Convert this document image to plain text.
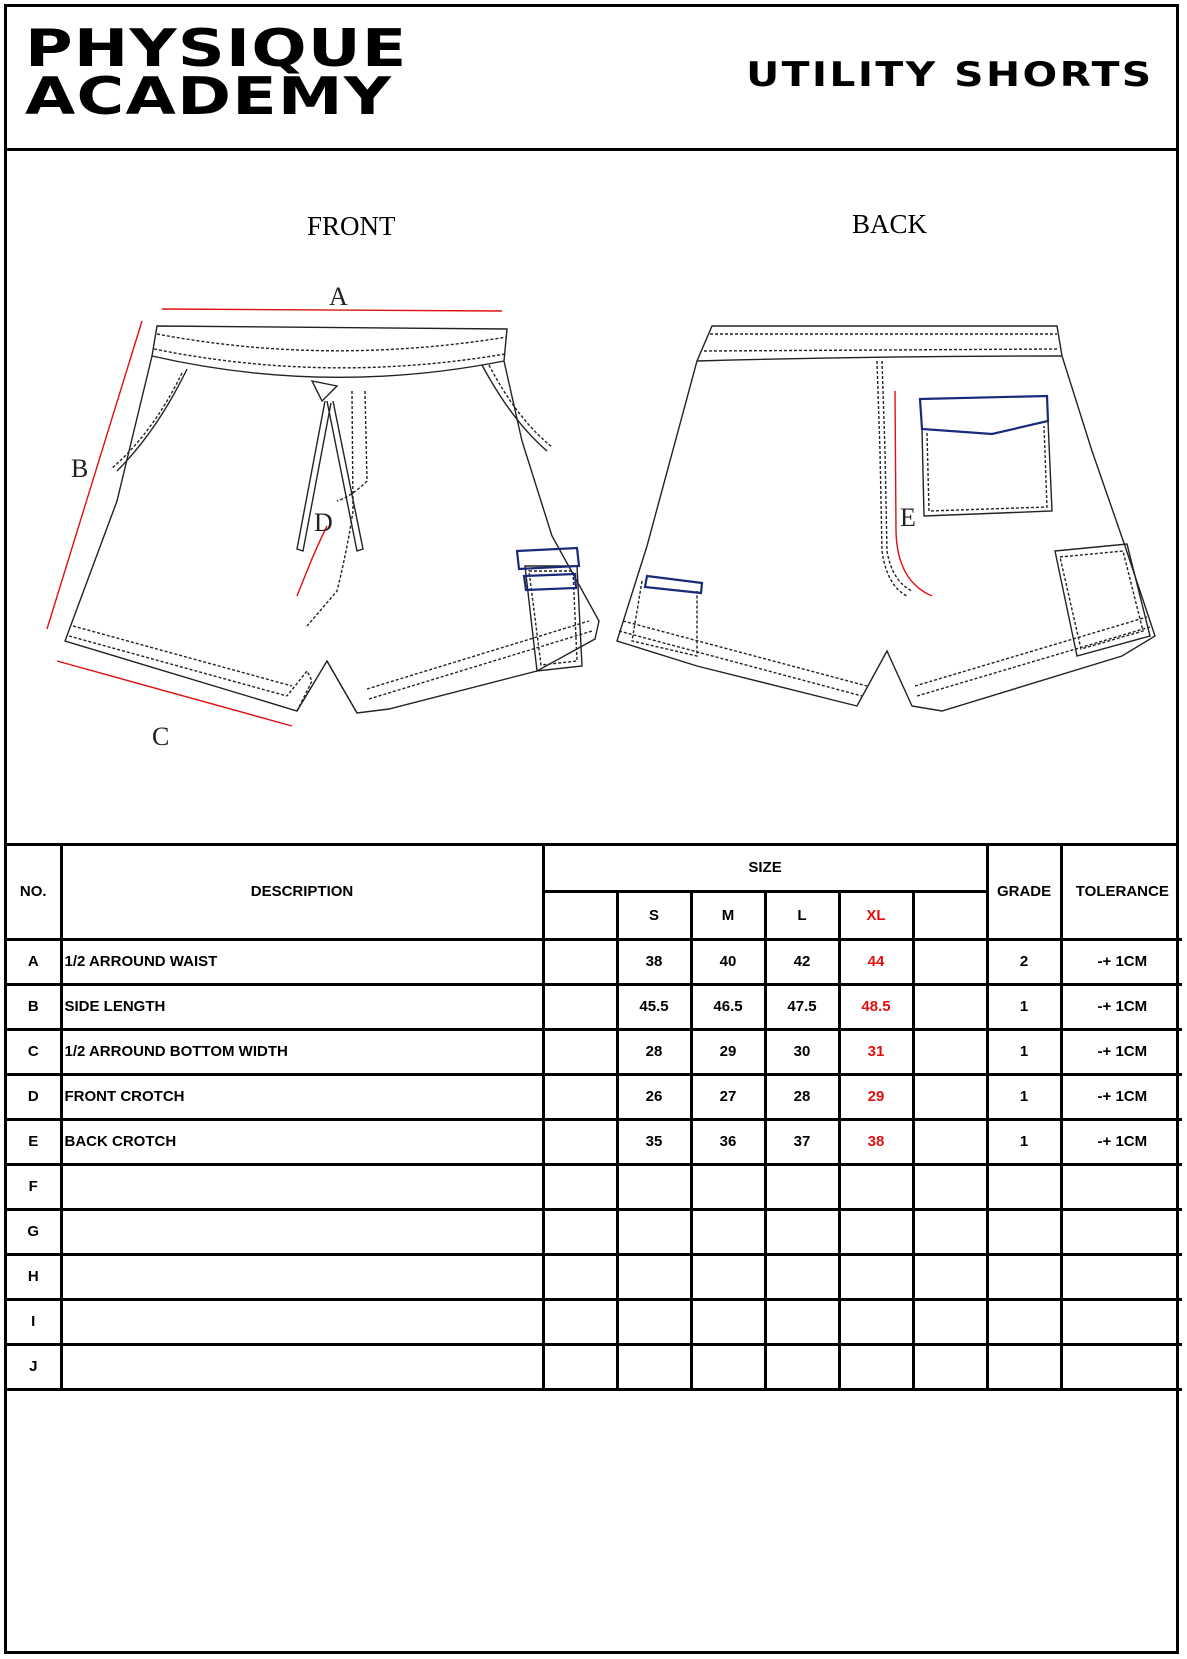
PHYSIQUE
ACADEMY	UTILITY SHORTS
FRONT	BACK
A
B
C
D	E
NO.	DESCRIPTION	SIZE						GRADE	TOLERANCE
			S	M	L	XL			
A	1/2 ARROUND WAIST		38	40	42	44		2	-+ 1CM
B	SIDE LENGTH		45.5	46.5	47.5	48.5		1	-+ 1CM
C	1/2 ARROUND BOTTOM WIDTH		28	29	30	31		1	-+ 1CM
D	FRONT CROTCH		26	27	28	29		1	-+ 1CM
E	BACK CROTCH		35	36	37	38		1	-+ 1CM
F									
G									
H									
I									
J									
